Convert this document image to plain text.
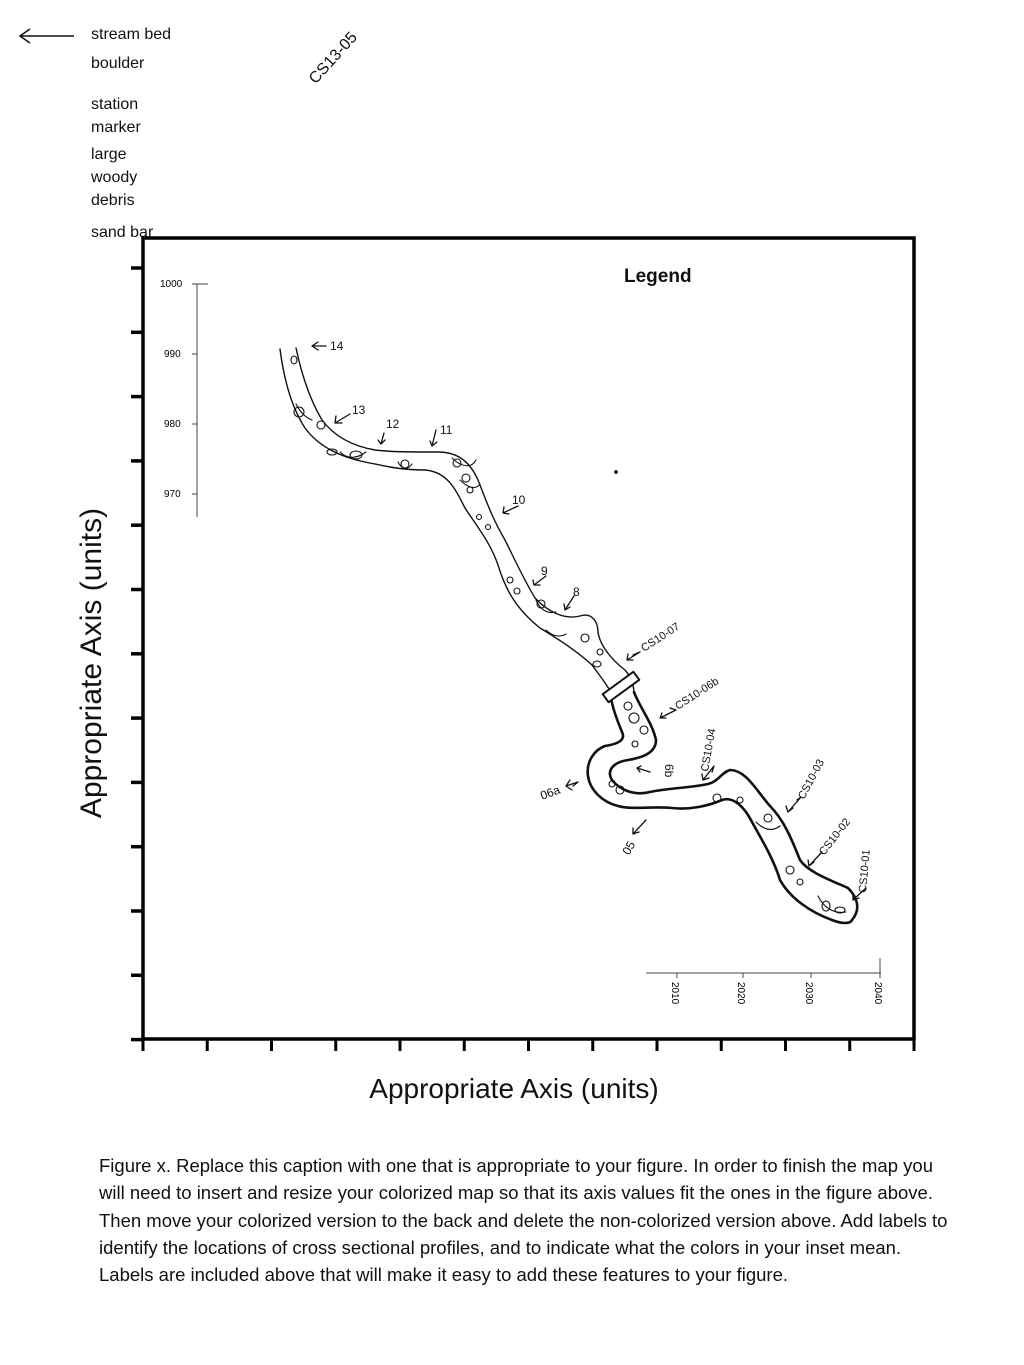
stream bed
boulder
station
marker
large
woody
debris
sand bar
CS13-05
1000
990
980
970
2010	2020	2030	2040
14
13
12	11
10
9
8
6b
06a
05
CS10-07
CS10-06b
CS10-04
CS10-03
CS10-02
CS10-01
Legend
Appropriate Axis (units)
Appropriate Axis (units)
Figure x. Replace this caption with one that is appropriate to your figure. In order to finish the map you will need to insert and resize your colorized map so that its axis values fit the ones in the figure above. Then move your colorized version to the back and delete the non-colorized version above. Add labels to identify the locations of cross sectional profiles, and to indicate what the colors in your inset mean. Labels are included above that will make it easy to add these features to your figure.
